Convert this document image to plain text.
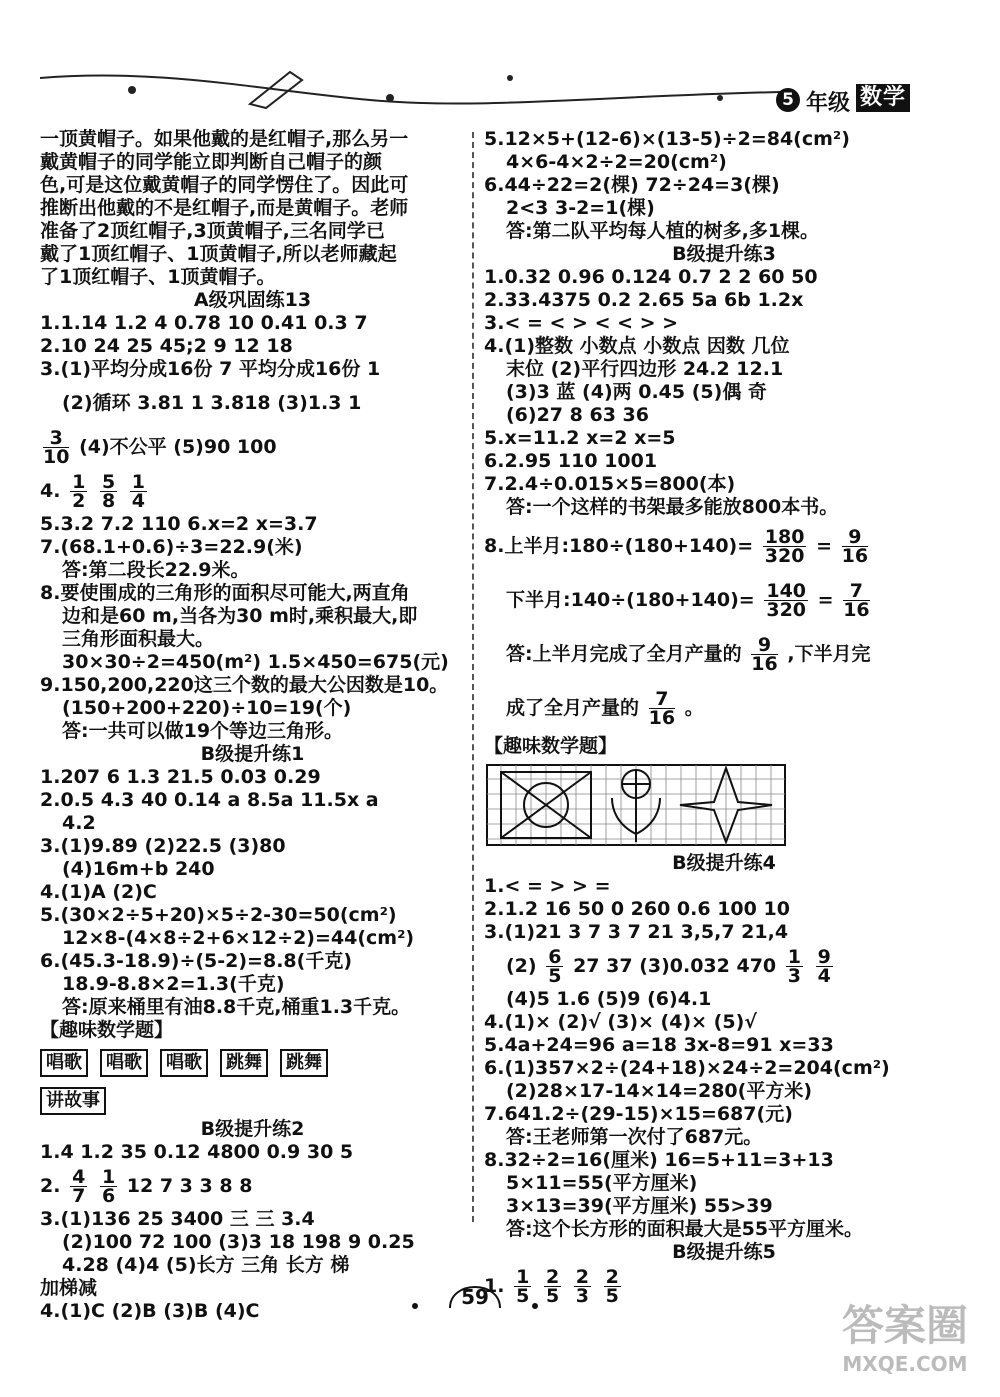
5 年级 数学
一顶黄帽子。如果他戴的是红帽子,那么另一
戴黄帽子的同学能立即判断自己帽子的颜
色,可是这位戴黄帽子的同学愣住了。因此可
推断出他戴的不是红帽子,而是黄帽子。老师
准备了2顶红帽子,3顶黄帽子,三名同学已
戴了1顶红帽子、1顶黄帽子,所以老师藏起
了1顶红帽子、1顶黄帽子。
A级巩固练13
1.1.14 1.2 4 0.78 10 0.41 0.3 7
2.10 24 25 45;2 9 12 18
3.(1)平均分成16份 7 平均分成16份 1
(2)循环 3.81 1 3.818 (3)1.3 1
$\frac{3}{10} (4)$不公平 (5)90 100
4. $\frac{1}{2}$
$\frac{5}{8}$
$\frac{1}{4}$
5.3.2 7.2 110 6.x=2 x=3.7
7.(68.1+0.6)÷3=22.9(米)
答:第二段长22.9米。
8.要使围成的三角形的面积尽可能大,两直角
边和是60 m,当各为30 m时,乘积最大,即
三角形面积最大。
30×30÷2=450(m²) 1.5×450=675(元)
9.150,200,220这三个数的最大公因数是10。
(150+200+220)÷10=19(个)
答:一共可以做19个等边三角形。
B级提升练1
1.207 6 1.3 21.5 0.03 0.29
2.0.5 4.3 40 0.14 a 8.5a 11.5x a
4.2
3.(1)9.89 (2)22.5 (3)80
(4)16m+b 240
4.(1)A (2)C
5.(30×2÷5+20)×5÷2-30=50(cm²)
12×8-(4×8÷2+6×12÷2)=44(cm²)
6.(45.3-18.9)÷(5-2)=8.8(千克)
18.9-8.8×2=1.3(千克)
答:原来桶里有油8.8千克,桶重1.3千克。
【趣味数学题】
唱歌	唱歌	唱歌	跳舞	跳舞
讲故事
B级提升练2
1.4 1.2 35 0.12 4800 0.9 30 5
2. $\frac{4}{7}$
$\frac{1}{6} 12$ 7 3 3 8 8
3.(1)136 25 3400 三 三 3.4
(2)100 72 100 (3)3 18 198 9 0.25
4.28 (4)4 (5)长方 三角 长方 梯
加梯减
4.(1)C (2)B (3)B (4)C
5.12×5+(12-6)×(13-5)÷2=84(cm²)
4×6-4×2÷2=20(cm²)
6.44÷22=2(棵) 72÷24=3(棵)
2<3 3-2=1(棵)
答:第二队平均每人植的树多,多1棵。
B级提升练3
1.0.32 0.96 0.124 0.7 2 2 60 50
2.33.4375 0.2 2.65 5a 6b 1.2x
3.< = < > < < > >
4.(1)整数 小数点 小数点 因数 几位
末位 (2)平行四边形 24.2 12.1
(3)3 蓝 (4)两 0.45 (5)偶 奇
(6)27 8 63 36
5.x=11.2 x=2 x=5
6.2.95 110 1001
7.2.4÷0.015×5=800(本)
答:一个这样的书架最多能放800本书。
8.上半月:180÷(180+140)= $\frac{180}{320} = \frac{9}{16}$
下半月:140÷(180+140)= $\frac{140}{320} = \frac{7}{16}$
答:上半月完成了全月产量的 $\frac{9}{16}$ ,下半月完
成了全月产量的 $\frac{7}{16}$ 。
【趣味数学题】
B级提升练4
1.< = > > =
2.1.2 16 50 0 260 0.6 100 10
3.(1)21 3 7 3 7 21 3,5,7 21,4
$(2) \frac{6}{5} 27$ 37 (3)0.032 $470 \frac{1}{3}$
$\frac{9}{4}$
(4)5 1.6 (5)9 (6)4.1
4.(1)× (2)√ (3)× (4)× (5)√
5.4a+24=96 a=18 3x-8=91 x=33
6.(1)357×2÷(24+18)×24÷2=204(cm²)
(2)28×17-14×14=280(平方米)
7.641.2÷(29-15)×15=687(元)
答:王老师第一次付了687元。
8.32÷2=16(厘米) 16=5+11=3+13
5×11=55(平方厘米)
3×13=39(平方厘米) 55>39
答:这个长方形的面积最大是55平方厘米。
B级提升练5
1. $\frac{1}{5}$
$\frac{2}{5}$
$\frac{2}{3}$
$\frac{2}{5}$
59
答案圈
MXQE.COM
